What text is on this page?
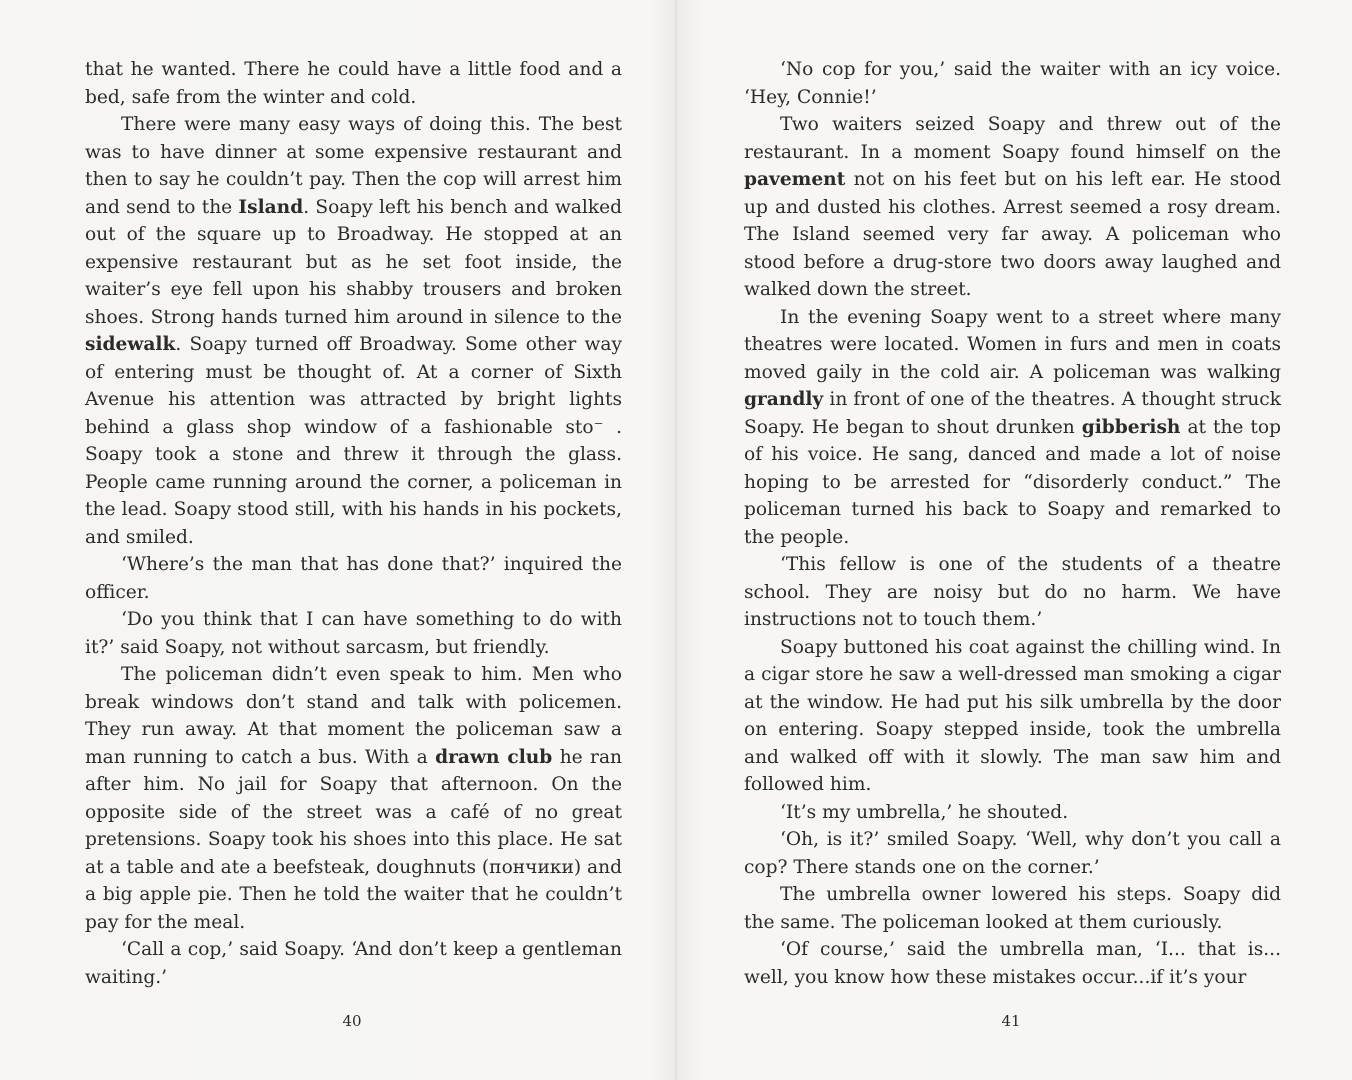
that he wanted. There he could have a little food and a bed, safe from the winter and cold.

There were many easy ways of doing this. The best was to have dinner at some expensive restaurant and then to say he couldn’t pay. Then the cop will arrest him and send to the Island. Soapy left his bench and walked out of the square up to Broadway. He stopped at an expensive restaurant but as he set foot inside, the waiter’s eye fell upon his shabby trousers and broken shoes. Strong hands turned him around in silence to the sidewalk. Soapy turned off Broadway. Some other way of entering must be thought of. At a corner of Sixth Avenue his attention was attracted by bright lights behind a glass shop window of a fashionable sto⁻ . Soapy took a stone and threw it through the glass. People came running around the corner, a policeman in the lead. Soapy stood still, with his hands in his pockets, and smiled.

‘Where’s the man that has done that?’ inquired the officer.

‘Do you think that I can have something to do with it?’ said Soapy, not without sarcasm, but friendly.

The policeman didn’t even speak to him. Men who break windows don’t stand and talk with policemen. They run away. At that moment the policeman saw a man running to catch a bus. With a drawn club he ran after him. No jail for Soapy that afternoon. On the opposite side of the street was a café of no great pretensions. Soapy took his shoes into this place. He sat at a table and ate a beefsteak, doughnuts (пончики) and a big apple pie. Then he told the waiter that he couldn’t pay for the meal.

‘Call a cop,’ said Soapy. ‘And don’t keep a gentleman waiting.’

40

‘No cop for you,’ said the waiter with an icy voice. ‘Hey, Connie!’

Two waiters seized Soapy and threw out of the restaurant. In a moment Soapy found himself on the pavement not on his feet but on his left ear. He stood up and dusted his clothes. Arrest seemed a rosy dream. The Island seemed very far away. A policeman who stood before a drug-store two doors away laughed and walked down the street.

In the evening Soapy went to a street where many theatres were located. Women in furs and men in coats moved gaily in the cold air. A policeman was walking grandly in front of one of the theatres. A thought struck Soapy. He began to shout drunken gibberish at the top of his voice. He sang, danced and made a lot of noise hoping to be arrested for “disorderly conduct.” The policeman turned his back to Soapy and remarked to the people.

‘This fellow is one of the students of a theatre school. They are noisy but do no harm. We have instructions not to touch them.’

Soapy buttoned his coat against the chilling wind. In a cigar store he saw a well-dressed man smoking a cigar at the window. He had put his silk umbrella by the door on entering. Soapy stepped inside, took the umbrella and walked off with it slowly. The man saw him and followed him.

‘It’s my umbrella,’ he shouted.

‘Oh, is it?’ smiled Soapy. ‘Well, why don’t you call a cop? There stands one on the corner.’

The umbrella owner lowered his steps. Soapy did the same. The policeman looked at them curiously.

‘Of course,’ said the umbrella man, ‘I... that is... well, you know how these mistakes occur...if it’s your

41
